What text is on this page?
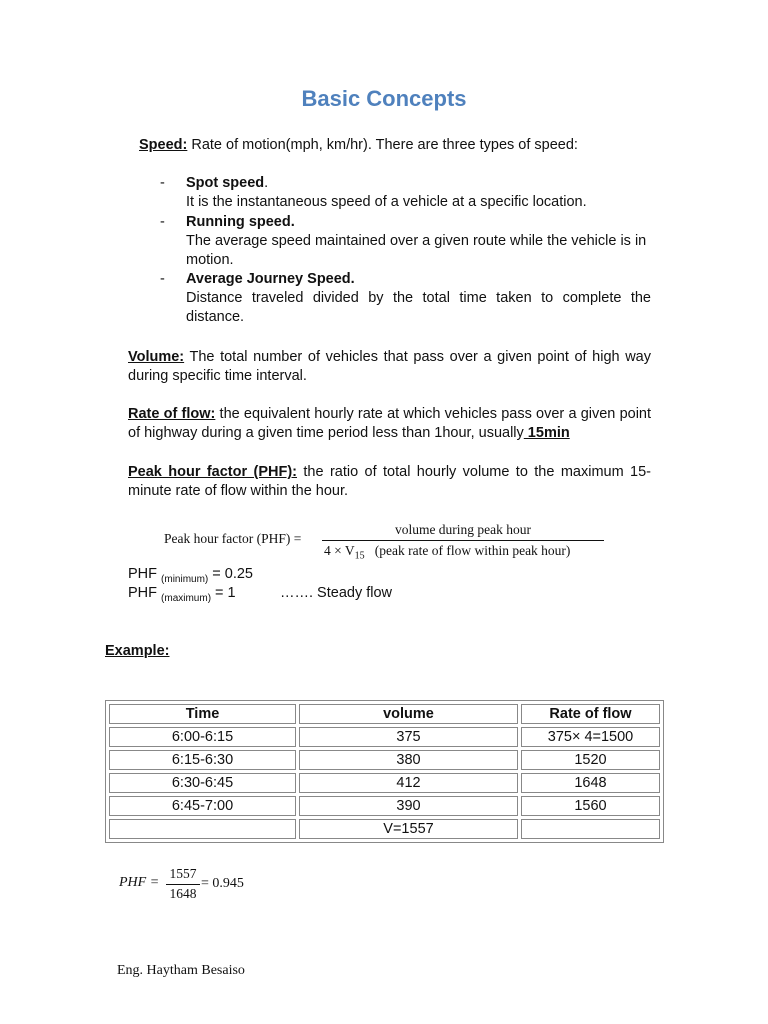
Basic Concepts
Speed: Rate of motion(mph, km/hr). There are three types of speed:
- Spot speed.
It is the instantaneous speed of a vehicle at a specific location.
- Running speed.
The average speed maintained over a given route while the vehicle is in motion.
- Average Journey Speed.

Distance traveled divided by the total time taken to complete the distance.
Volume: The total number of vehicles that pass over a given point of high way during specific time interval.
Rate of flow: the equivalent hourly rate at which vehicles pass over a given point of highway during a given time period less than 1hour, usually 15min
Peak hour factor (PHF): the ratio of total hourly volume to the maximum 15-minute rate of flow within the hour.
Peak hour factor (PHF) =
volume during peak hour
$4 \times V_{15}$ (peak rate of flow within peak hour)
PHF $_{(minimum)}$ = 0.25
PHF $_{(maximum)}$ = 1	……. Steady flow
Example:
Time	volume	Rate of flow
6:00-6:15	375	375× 4=1500
6:15-6:30	380	1520
6:30-6:45	412	1648
6:45-7:00	390	1560
	V=1557	
PHF =
1557
1648
= 0.945
Eng. Haytham Besaiso
